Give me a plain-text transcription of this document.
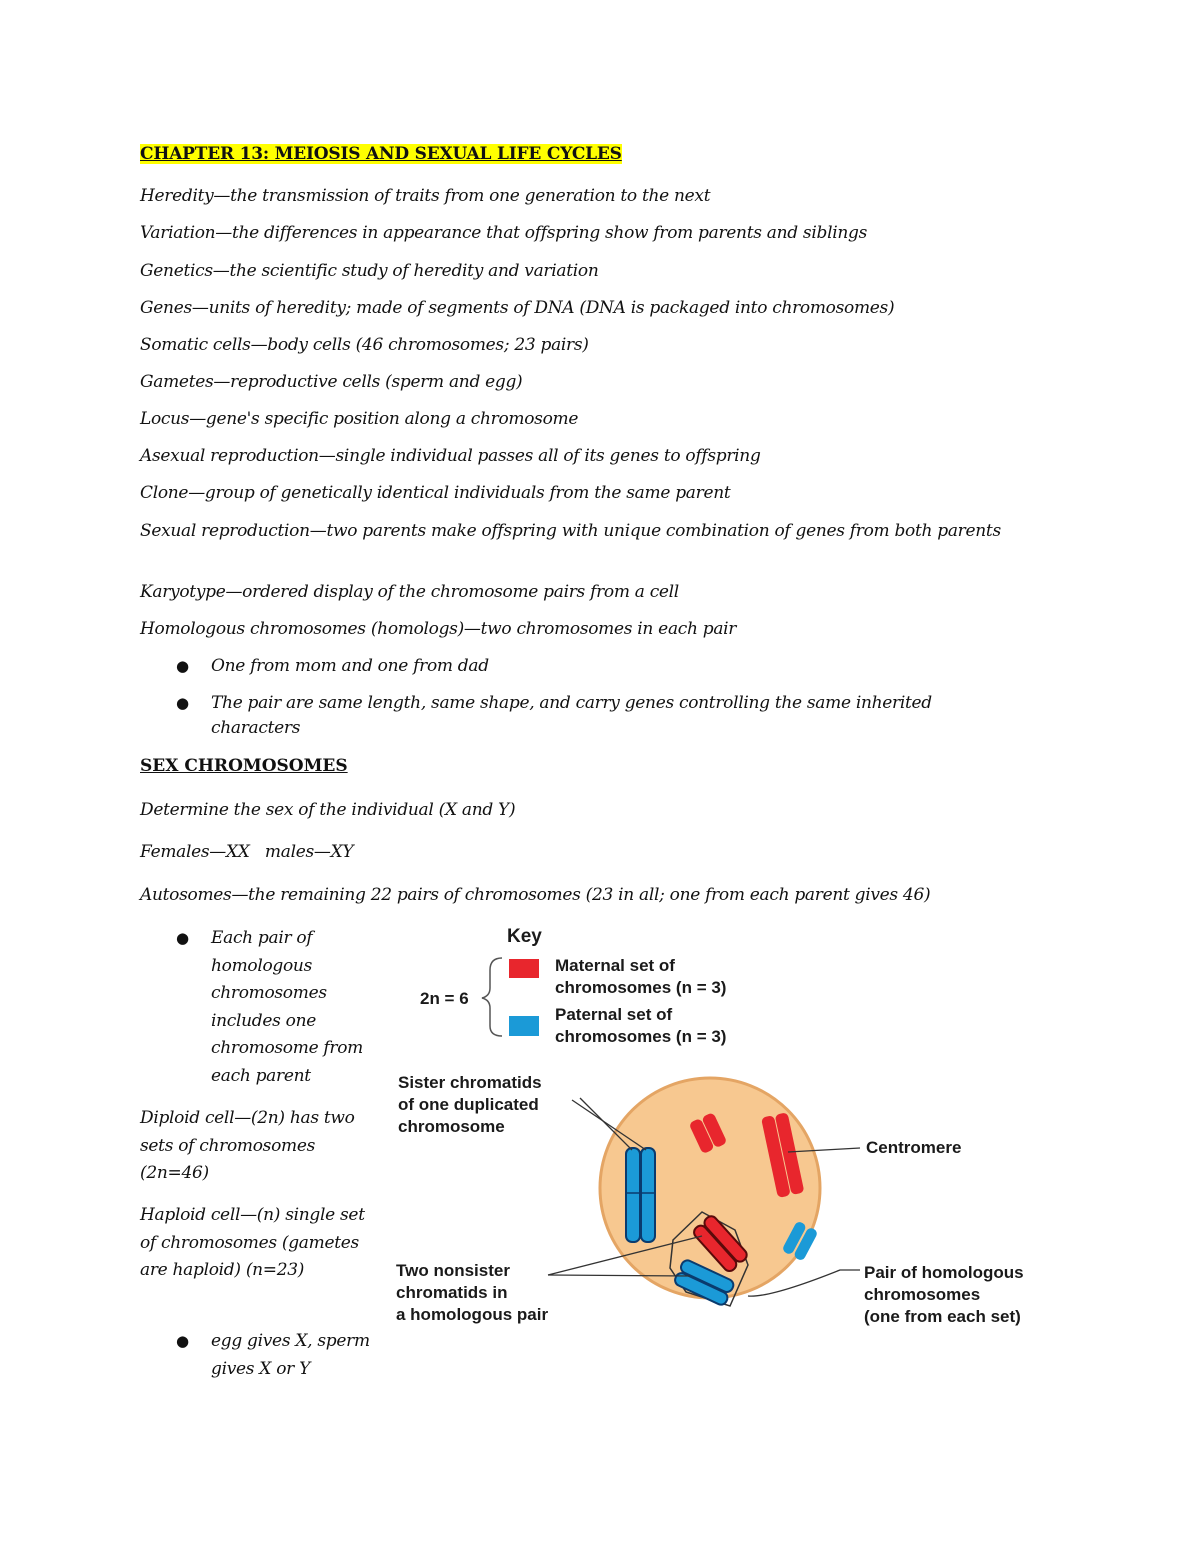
CHAPTER 13: MEIOSIS AND SEXUAL LIFE CYCLES
Heredity—the transmission of traits from one generation to the next
Variation—the differences in appearance that offspring show from parents and siblings
Genetics—the scientific study of heredity and variation
Genes—units of heredity; made of segments of DNA (DNA is packaged into chromosomes)
Somatic cells—body cells (46 chromosomes; 23 pairs)
Gametes—reproductive cells (sperm and egg)
Locus—gene's specific position along a chromosome
Asexual reproduction—single individual passes all of its genes to offspring
Clone—group of genetically identical individuals from the same parent
Sexual reproduction—two parents make offspring with unique combination of genes from both parents
Karyotype—ordered display of the chromosome pairs from a cell
Homologous chromosomes (homologs)—two chromosomes in each pair
● One from mom and one from dad
● The pair are same length, same shape, and carry genes controlling the same inherited characters
SEX CHROMOSOMES
Determine the sex of the individual (X and Y)
Females—XX   males—XY
Autosomes—the remaining 22 pairs of chromosomes (23 in all; one from each parent gives 46)
● Each pair of homologous chromosomes includes one chromosome from each parent
Diploid cell—(2n) has two sets of chromosomes (2n=46)
Haploid cell—(n) single set of chromosomes (gametes are haploid) (n=23)
● egg gives X, sperm gives X or Y
Key
2n = 6
Maternal set of
chromosomes (n = 3)
Paternal set of
chromosomes (n = 3)
Sister chromatids
of one duplicated
chromosome
Centromere
Two nonsister
chromatids in
a homologous pair
Pair of homologous
chromosomes
(one from each set)
